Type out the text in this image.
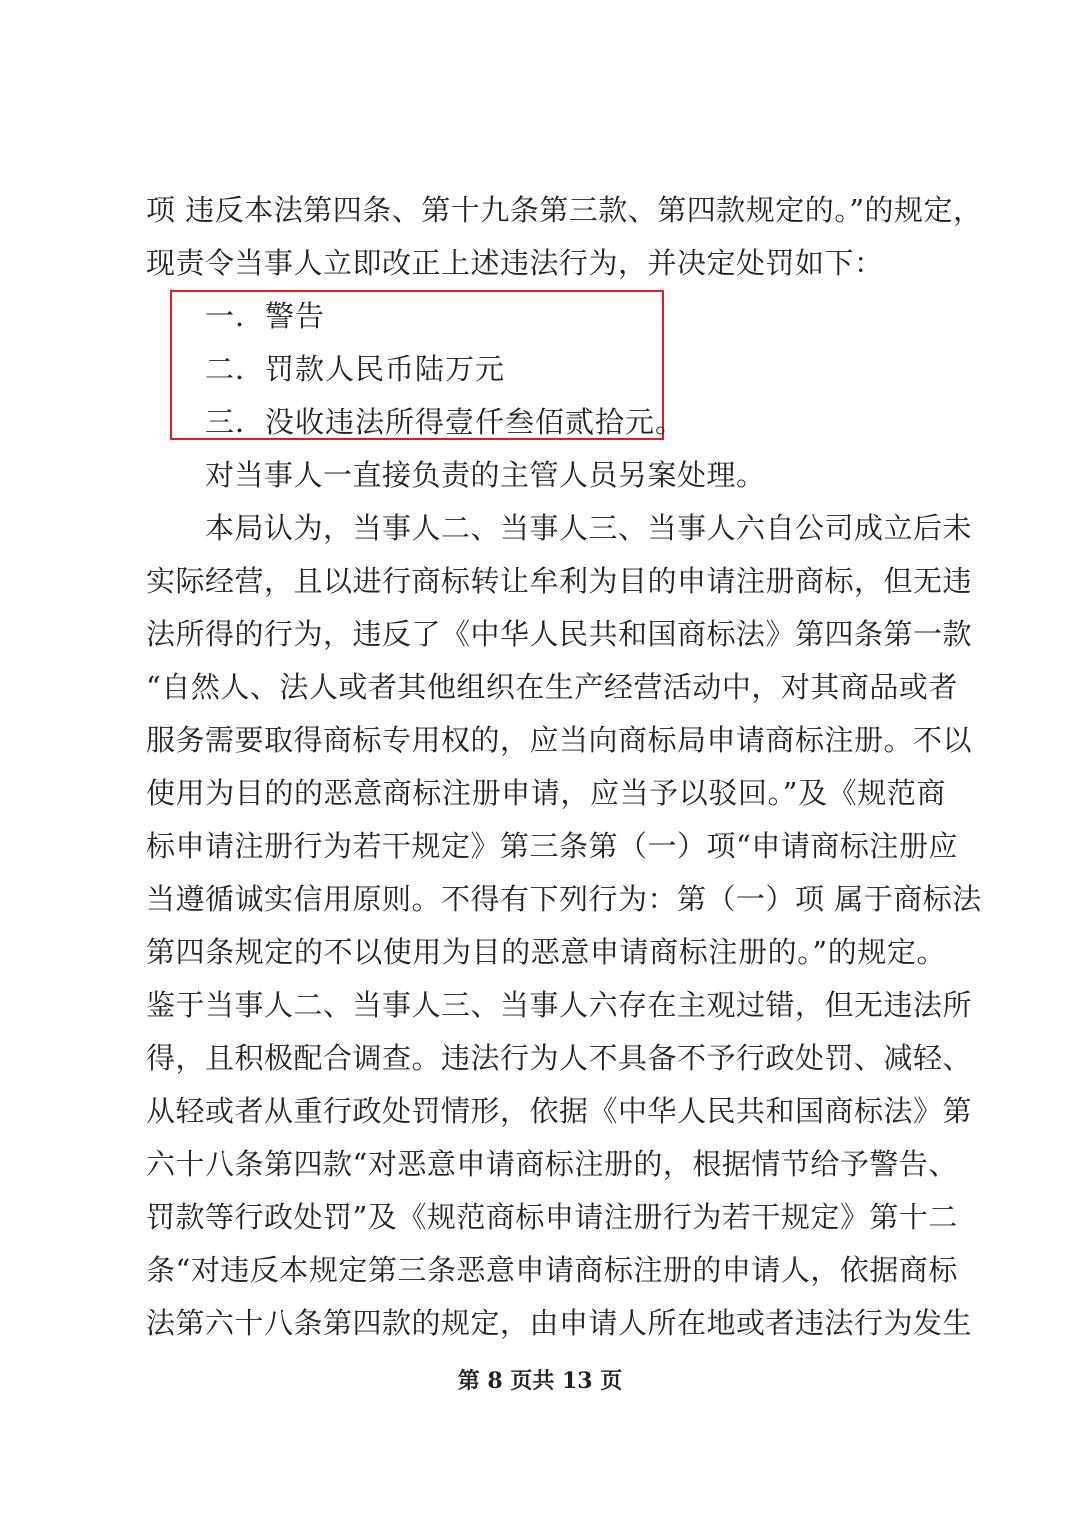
项 违反本法第四条、第十九条第三款、第四款规定的。”的规定，
现责令当事人立即改正上述违法行为，并决定处罚如下：
一．警告
二．罚款人民币陆万元
三．没收违法所得壹仟叁佰贰拾元。
对当事人一直接负责的主管人员另案处理。
本局认为，当事人二、当事人三、当事人六自公司成立后未
实际经营，且以进行商标转让牟利为目的申请注册商标，但无违
法所得的行为，违反了《中华人民共和国商标法》第四条第一款
“自然人、法人或者其他组织在生产经营活动中，对其商品或者
服务需要取得商标专用权的，应当向商标局申请商标注册。不以
使用为目的的恶意商标注册申请，应当予以驳回。”及《规范商
标申请注册行为若干规定》第三条第（一）项“申请商标注册应
当遵循诚实信用原则。不得有下列行为：第（一）项 属于商标法
第四条规定的不以使用为目的恶意申请商标注册的。”的规定。
鉴于当事人二、当事人三、当事人六存在主观过错，但无违法所
得，且积极配合调查。违法行为人不具备不予行政处罚、减轻、
从轻或者从重行政处罚情形，依据《中华人民共和国商标法》第
六十八条第四款“对恶意申请商标注册的，根据情节给予警告、
罚款等行政处罚”及《规范商标申请注册行为若干规定》第十二
条“对违反本规定第三条恶意申请商标注册的申请人，依据商标
法第六十八条第四款的规定，由申请人所在地或者违法行为发生
第 8 页共 13 页
